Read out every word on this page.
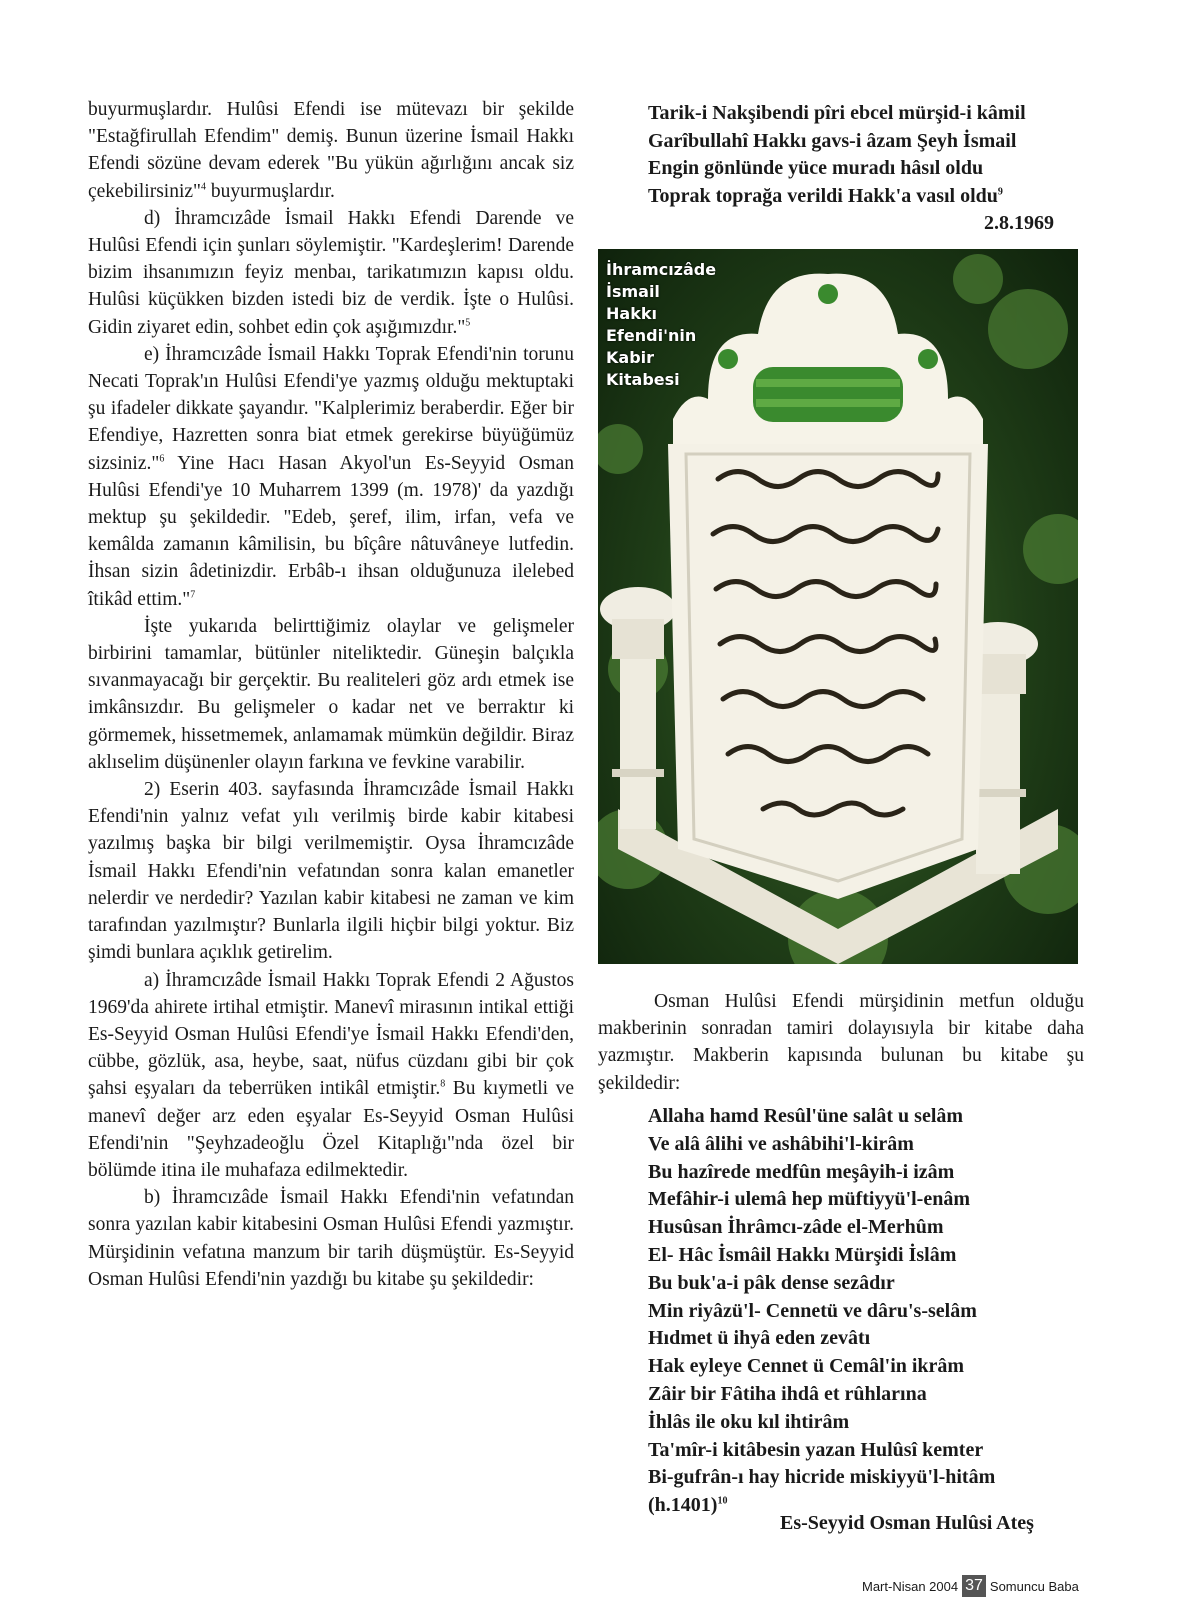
buyurmuşlardır. Hulûsi Efendi ise mütevazı bir şekilde "Estağfirullah Efendim" demiş. Bunun üzerine İsmail Hakkı Efendi sözüne devam ederek "Bu yükün ağırlığını ancak siz çekebilirsiniz"$^4$ buyurmuşlardır.

d) İhramcızâde İsmail Hakkı Efendi Darende ve Hulûsi Efendi için şunları söylemiştir. "Kardeşlerim! Darende bizim ihsanımızın feyiz menbaı, tarikatımızın kapısı oldu. Hulûsi küçükken bizden istedi biz de verdik. İşte o Hulûsi. Gidin ziyaret edin, sohbet edin çok aşığımızdır."$^5$

e) İhramcızâde İsmail Hakkı Toprak Efendi'nin torunu Necati Toprak'ın Hulûsi Efendi'ye yazmış olduğu mektuptaki şu ifadeler dikkate şayandır. "Kalplerimiz beraberdir. Eğer bir Efendiye, Hazretten sonra biat etmek gerekirse büyüğümüz sizsiniz."$^6$ Yine Hacı Hasan Akyol'un Es-Seyyid Osman Hulûsi Efendi'ye 10 Muharrem 1399 (m. 1978)' da yazdığı mektup şu şekildedir. "Edeb, şeref, ilim, irfan, vefa ve kemâlda zamanın kâmilisin, bu bîçâre nâtuvâneye lutfedin. İhsan sizin âdetinizdir. Erbâb-ı ihsan olduğunuza ilelebed îtikâd ettim."$^7$

İşte yukarıda belirttiğimiz olaylar ve gelişmeler birbirini tamamlar, bütünler niteliktedir. Güneşin balçıkla sıvanmayacağı bir gerçektir. Bu realiteleri göz ardı etmek ise imkânsızdır. Bu gelişmeler o kadar net ve berraktır ki görmemek, hissetmemek, anlamamak mümkün değildir. Biraz aklıselim düşünenler olayın farkına ve fevkine varabilir.

2) Eserin 403. sayfasında İhramcızâde İsmail Hakkı Efendi'nin yalnız vefat yılı verilmiş birde kabir kitabesi yazılmış başka bir bilgi verilmemiştir. Oysa İhramcızâde İsmail Hakkı Efendi'nin vefatından sonra kalan emanetler nelerdir ve nerdedir? Yazılan kabir kitabesi ne zaman ve kim tarafından yazılmıştır? Bunlarla ilgili hiçbir bilgi yoktur. Biz şimdi bunlara açıklık getirelim.

a) İhramcızâde İsmail Hakkı Toprak Efendi 2 Ağustos 1969'da ahirete irtihal etmiştir. Manevî mirasının intikal ettiği Es-Seyyid Osman Hulûsi Efendi'ye İsmail Hakkı Efendi'den, cübbe, gözlük, asa, heybe, saat, nüfus cüzdanı gibi bir çok şahsi eşyaları da teberrüken intikâl etmiştir.$^8$ Bu kıymetli ve manevî değer arz eden eşyalar Es-Seyyid Osman Hulûsi Efendi'nin "Şeyhzadeoğlu Özel Kitaplığı"nda özel bir bölümde itina ile muhafaza edilmektedir.

b) İhramcızâde İsmail Hakkı Efendi'nin vefatından sonra yazılan kabir kitabesini Osman Hulûsi Efendi yazmıştır. Mürşidinin vefatına manzum bir tarih düşmüştür. Es-Seyyid Osman Hulûsi Efendi'nin yazdığı bu kitabe şu şekildedir:

Tarik-i Nakşibendi pîri ebcel mürşid-i kâmil
Garîbullahî Hakkı gavs-i âzam Şeyh İsmail
Engin gönlünde yüce muradı hâsıl oldu
Toprak toprağa verildi Hakk'a vasıl oldu$^9$
2.8.1969
İhramcızâde
İsmail
Hakkı
Efendi'nin
Kabir
Kitabesi

Osman Hulûsi Efendi mürşidinin metfun olduğu makberinin sonradan tamiri dolayısıyla bir kitabe daha yazmıştır. Makberin kapısında bulunan bu kitabe şu şekildedir:

Allaha hamd Resûl'üne salât u selâm
Ve alâ âlihi ve ashâbihi'l-kirâm
Bu hazîrede medfûn meşâyih-i izâm
Mefâhir-i ulemâ hep müftiyyü'l-enâm
Husûsan İhrâmcı-zâde el-Merhûm
El- Hâc İsmâil Hakkı Mürşidi İslâm
Bu buk'a-i pâk dense sezâdır
Min riyâzü'l- Cennetü ve dâru's-selâm
Hıdmet ü ihyâ eden zevâtı
Hak eyleye Cennet ü Cemâl'in ikrâm
Zâir bir Fâtiha ihdâ et rûhlarına
İhlâs ile oku kıl ihtirâm
Ta'mîr-i kitâbesin yazan Hulûsî kemter
Bi-gufrân-ı hay hicride miskiyyü'l-hitâm
$(h.1401)^{10}$
Es-Seyyid Osman Hulûsi Ateş
Mart-Nisan 2004 37 Somuncu Baba
